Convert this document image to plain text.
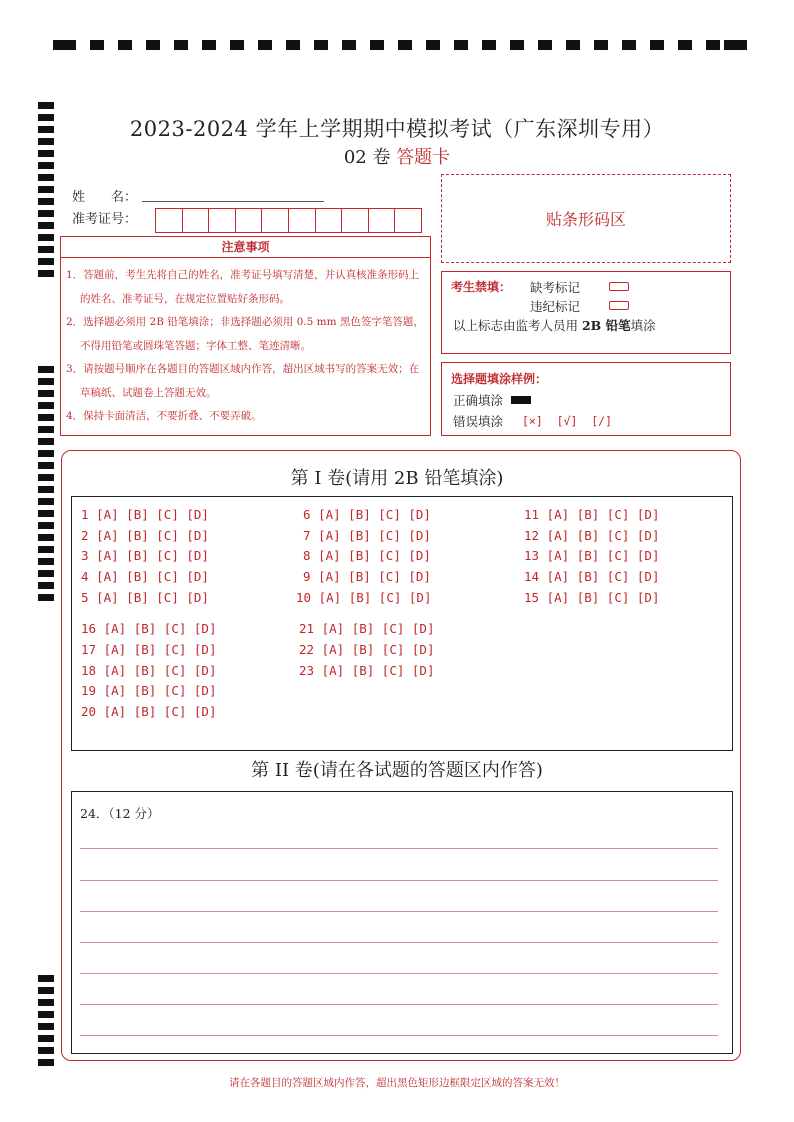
2023-2024 学年上学期期中模拟考试（广东深圳专用）
02 卷 答题卡
姓　　名：
准考证号：	贴条形码区
注意事项
1．答题前，考生先将自己的姓名，准考证号填写清楚，并认真核准条形码上的姓名、准考证号，在规定位置贴好条形码。
2．选择题必须用 2B 铅笔填涂；非选择题必须用 0.5 mm 黑色签字笔答题，不得用铅笔或圆珠笔答题；字体工整、笔迹清晰。
3．请按题号顺序在各题目的答题区域内作答，超出区域书写的答案无效；在草稿纸、试题卷上答题无效。
4．保持卡面清洁，不要折叠、不要弄破。
考生禁填： 缺考标记
违纪标记
以上标志由监考人员用 2B 铅笔填涂
选择题填涂样例：
正确填涂
错误填涂 [×]  [√]  [/]
第 I 卷(请用 2B 铅笔填涂)
1 [A] [B] [C] [D]
2 [A] [B] [C] [D]
3 [A] [B] [C] [D]
4 [A] [B] [C] [D]
5 [A] [B] [C] [D]
6 [A] [B] [C] [D]
7 [A] [B] [C] [D]
8 [A] [B] [C] [D]
9 [A] [B] [C] [D]
10 [A] [B] [C] [D]
11 [A] [B] [C] [D]
12 [A] [B] [C] [D]
13 [A] [B] [C] [D]
14 [A] [B] [C] [D]
15 [A] [B] [C] [D]
16 [A] [B] [C] [D]
17 [A] [B] [C] [D]
18 [A] [B] [C] [D]
19 [A] [B] [C] [D]
20 [A] [B] [C] [D]
21 [A] [B] [C] [D]
22 [A] [B] [C] [D]
23 [A] [B] [C] [D]
第 II 卷(请在各试题的答题区内作答)
24．（12 分）
请在各题目的答题区域内作答，超出黑色矩形边框限定区域的答案无效！
